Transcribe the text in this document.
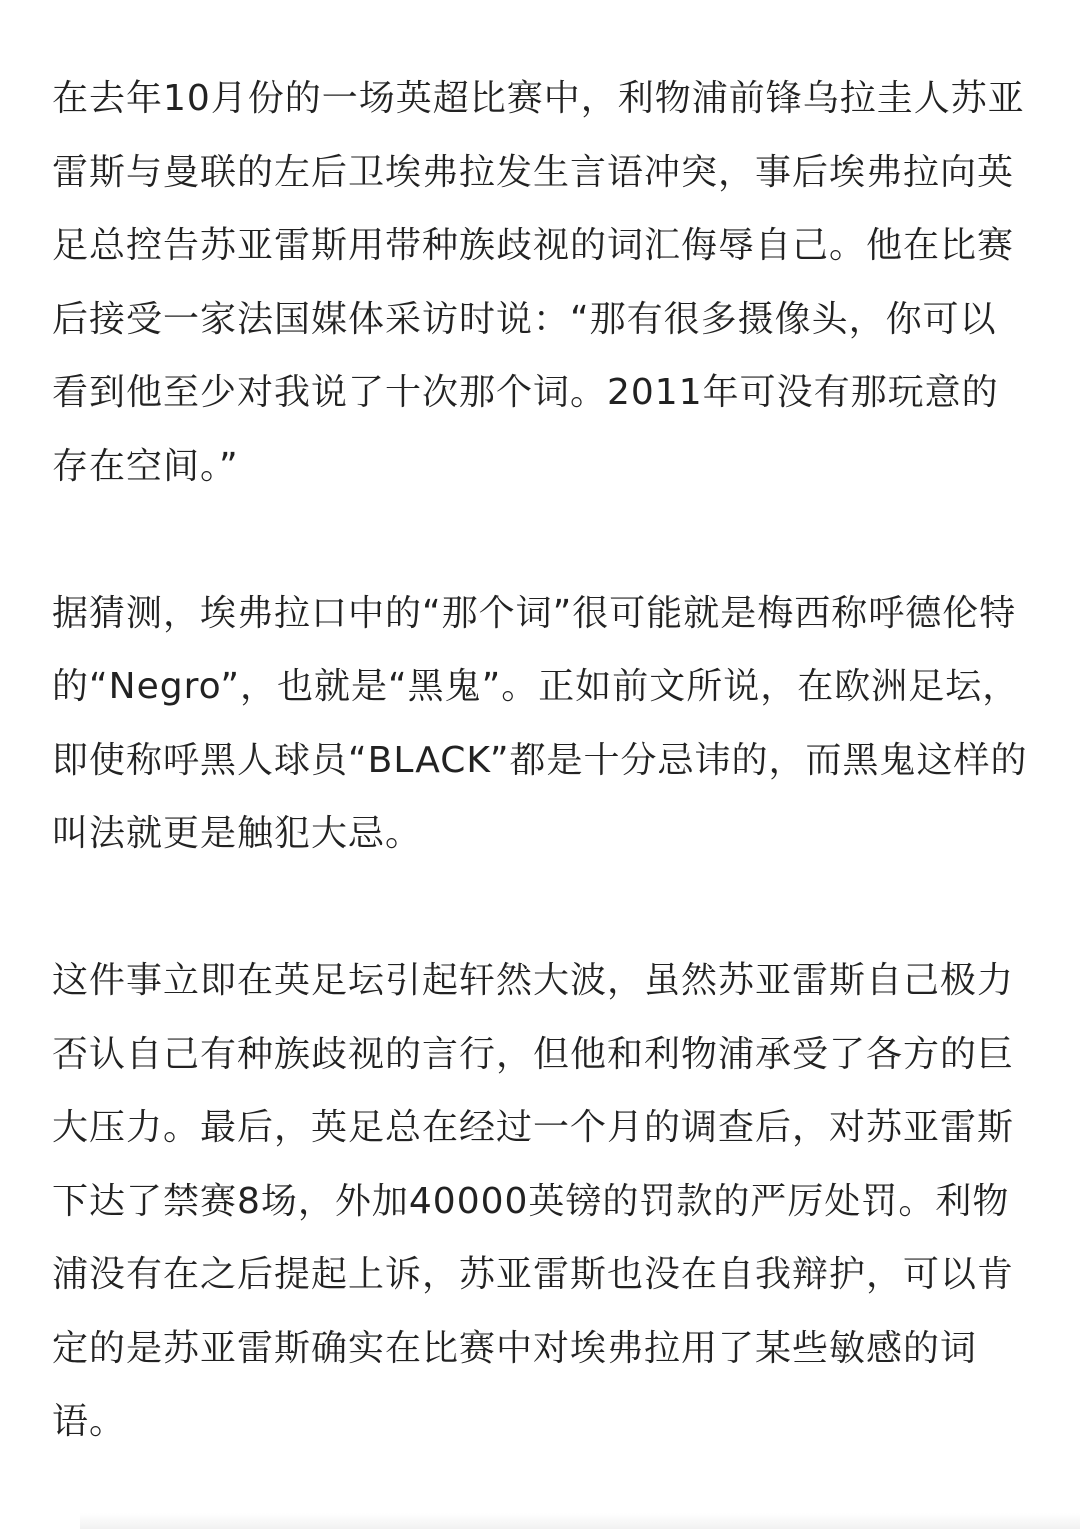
在去年10月份的一场英超比赛中，利物浦前锋乌拉圭人苏亚雷斯与曼联的左后卫埃弗拉发生言语冲突，事后埃弗拉向英足总控告苏亚雷斯用带种族歧视的词汇侮辱自己。他在比赛后接受一家法国媒体采访时说：“那有很多摄像头，你可以看到他至少对我说了十次那个词。2011年可没有那玩意的存在空间。”

据猜测，埃弗拉口中的“那个词”很可能就是梅西称呼德伦特的“Negro”，也就是“黑鬼”。正如前文所说，在欧洲足坛，即使称呼黑人球员“BLACK”都是十分忌讳的，而黑鬼这样的叫法就更是触犯大忌。

这件事立即在英足坛引起轩然大波，虽然苏亚雷斯自己极力否认自己有种族歧视的言行，但他和利物浦承受了各方的巨大压力。最后，英足总在经过一个月的调查后，对苏亚雷斯下达了禁赛8场，外加40000英镑的罚款的严厉处罚。利物浦没有在之后提起上诉，苏亚雷斯也没在自我辩护，可以肯定的是苏亚雷斯确实在比赛中对埃弗拉用了某些敏感的词语。
